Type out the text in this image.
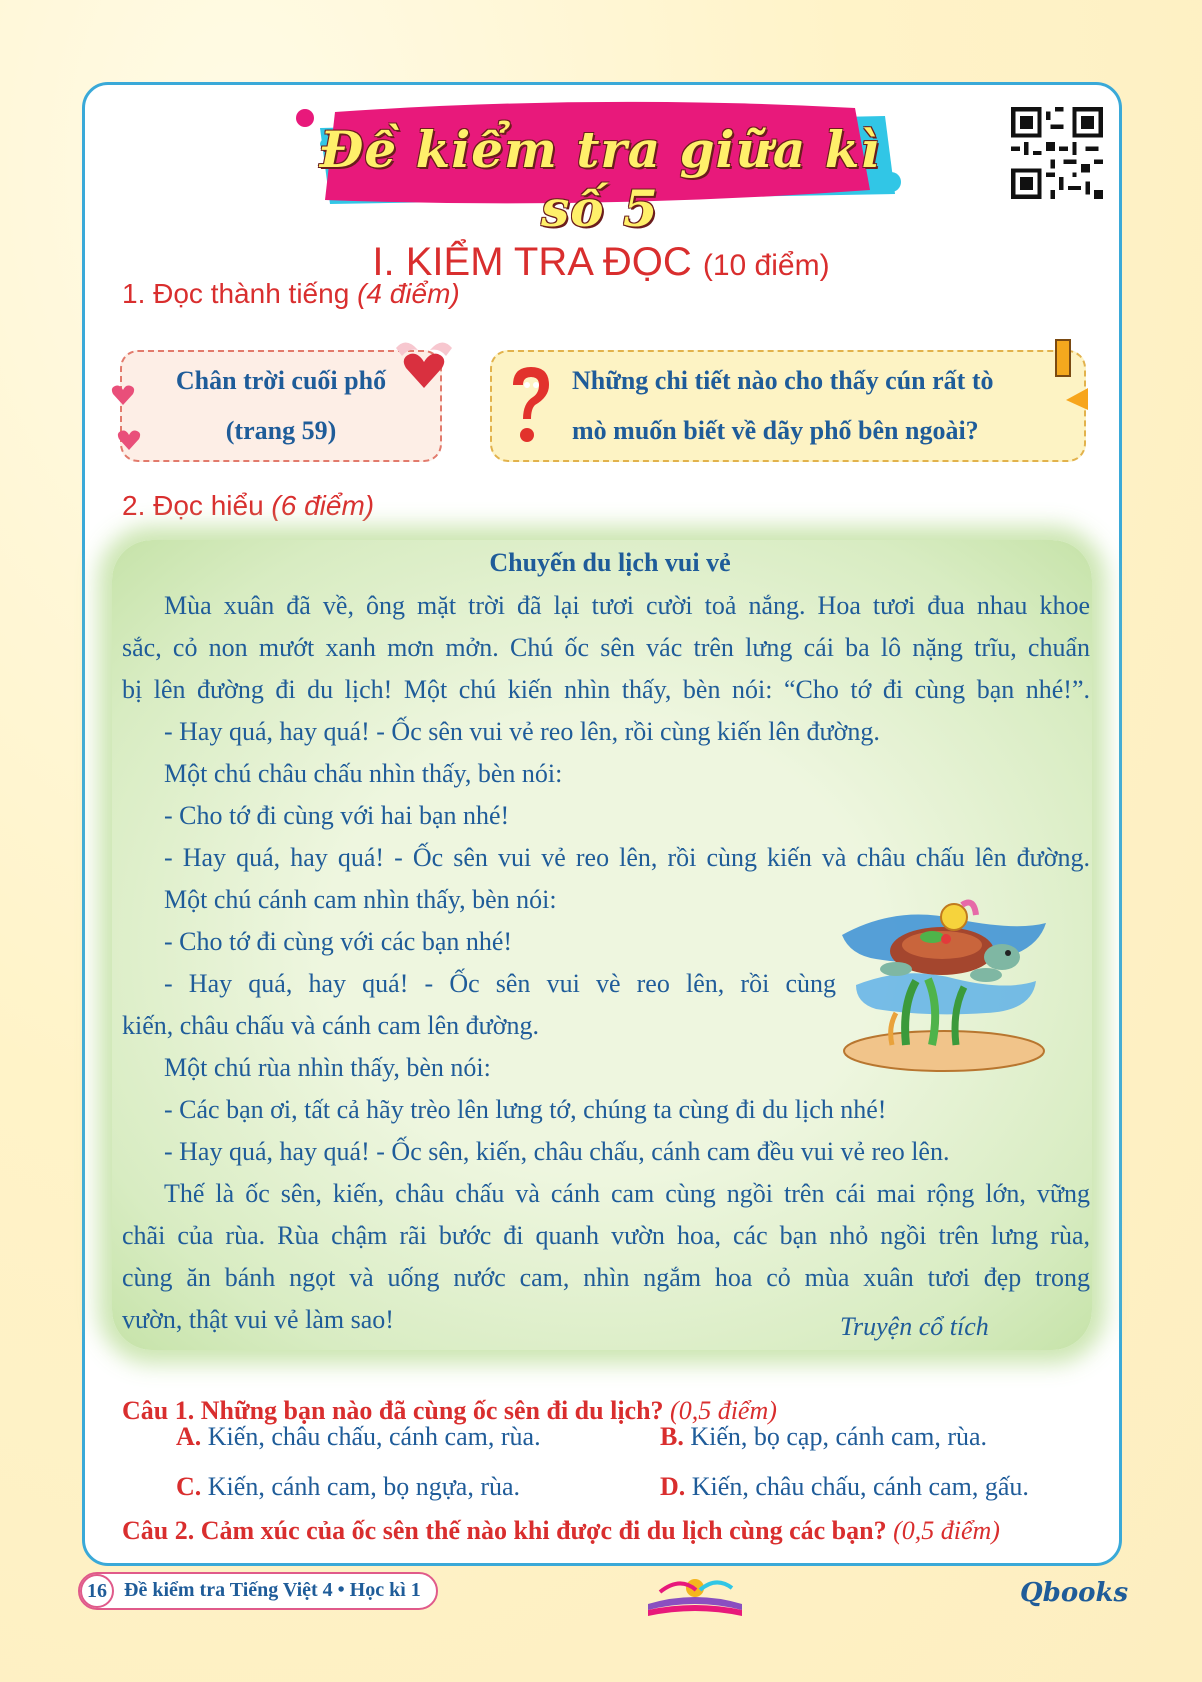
Đề kiểm tra giữa kì số 5
I. KIỂM TRA ĐỌC (10 điểm)
1. Đọc thành tiếng (4 điểm)
Chân trời cuối phố
(trang 59)
Những chi tiết nào cho thấy cún rất tò
mò muốn biết về dãy phố bên ngoài?
2. Đọc hiểu (6 điểm)
Chuyến du lịch vui vẻ
Mùa xuân đã về, ông mặt trời đã lại tươi cười toả nắng. Hoa tươi đua nhau khoe
sắc, cỏ non mướt xanh mơn mởn. Chú ốc sên vác trên lưng cái ba lô nặng trĩu, chuẩn
bị lên đường đi du lịch! Một chú kiến nhìn thấy, bèn nói: “Cho tớ đi cùng bạn nhé!”.
- Hay quá, hay quá! - Ốc sên vui vẻ reo lên, rồi cùng kiến lên đường.
Một chú châu chấu nhìn thấy, bèn nói:
- Cho tớ đi cùng với hai bạn nhé!
- Hay quá, hay quá! - Ốc sên vui vẻ reo lên, rồi cùng kiến và châu chấu lên đường.
Một chú cánh cam nhìn thấy, bèn nói:
- Cho tớ đi cùng với các bạn nhé!
- Hay quá, hay quá! - Ốc sên vui vè reo lên, rồi cùng
kiến, châu chấu và cánh cam lên đường.
Một chú rùa nhìn thấy, bèn nói:
- Các bạn ơi, tất cả hãy trèo lên lưng tớ, chúng ta cùng đi du lịch nhé!
- Hay quá, hay quá! - Ốc sên, kiến, châu chấu, cánh cam đều vui vẻ reo lên.
Thế là ốc sên, kiến, châu chấu và cánh cam cùng ngồi trên cái mai rộng lớn, vững
chãi của rùa. Rùa chậm rãi bước đi quanh vườn hoa, các bạn nhỏ ngồi trên lưng rùa,
cùng ăn bánh ngọt và uống nước cam, nhìn ngắm hoa cỏ mùa xuân tươi đẹp trong
vườn, thật vui vẻ làm sao!	Truyện cổ tích
Câu 1. Những bạn nào đã cùng ốc sên đi du lịch? (0,5 điểm)
A. Kiến, châu chấu, cánh cam, rùa.	B. Kiến, bọ cạp, cánh cam, rùa.
C. Kiến, cánh cam, bọ ngựa, rùa.	D. Kiến, châu chấu, cánh cam, gấu.
Câu 2. Cảm xúc của ốc sên thế nào khi được đi du lịch cùng các bạn? (0,5 điểm)
16 Đề kiểm tra Tiếng Việt 4 • Học kì 1	Qbooks
